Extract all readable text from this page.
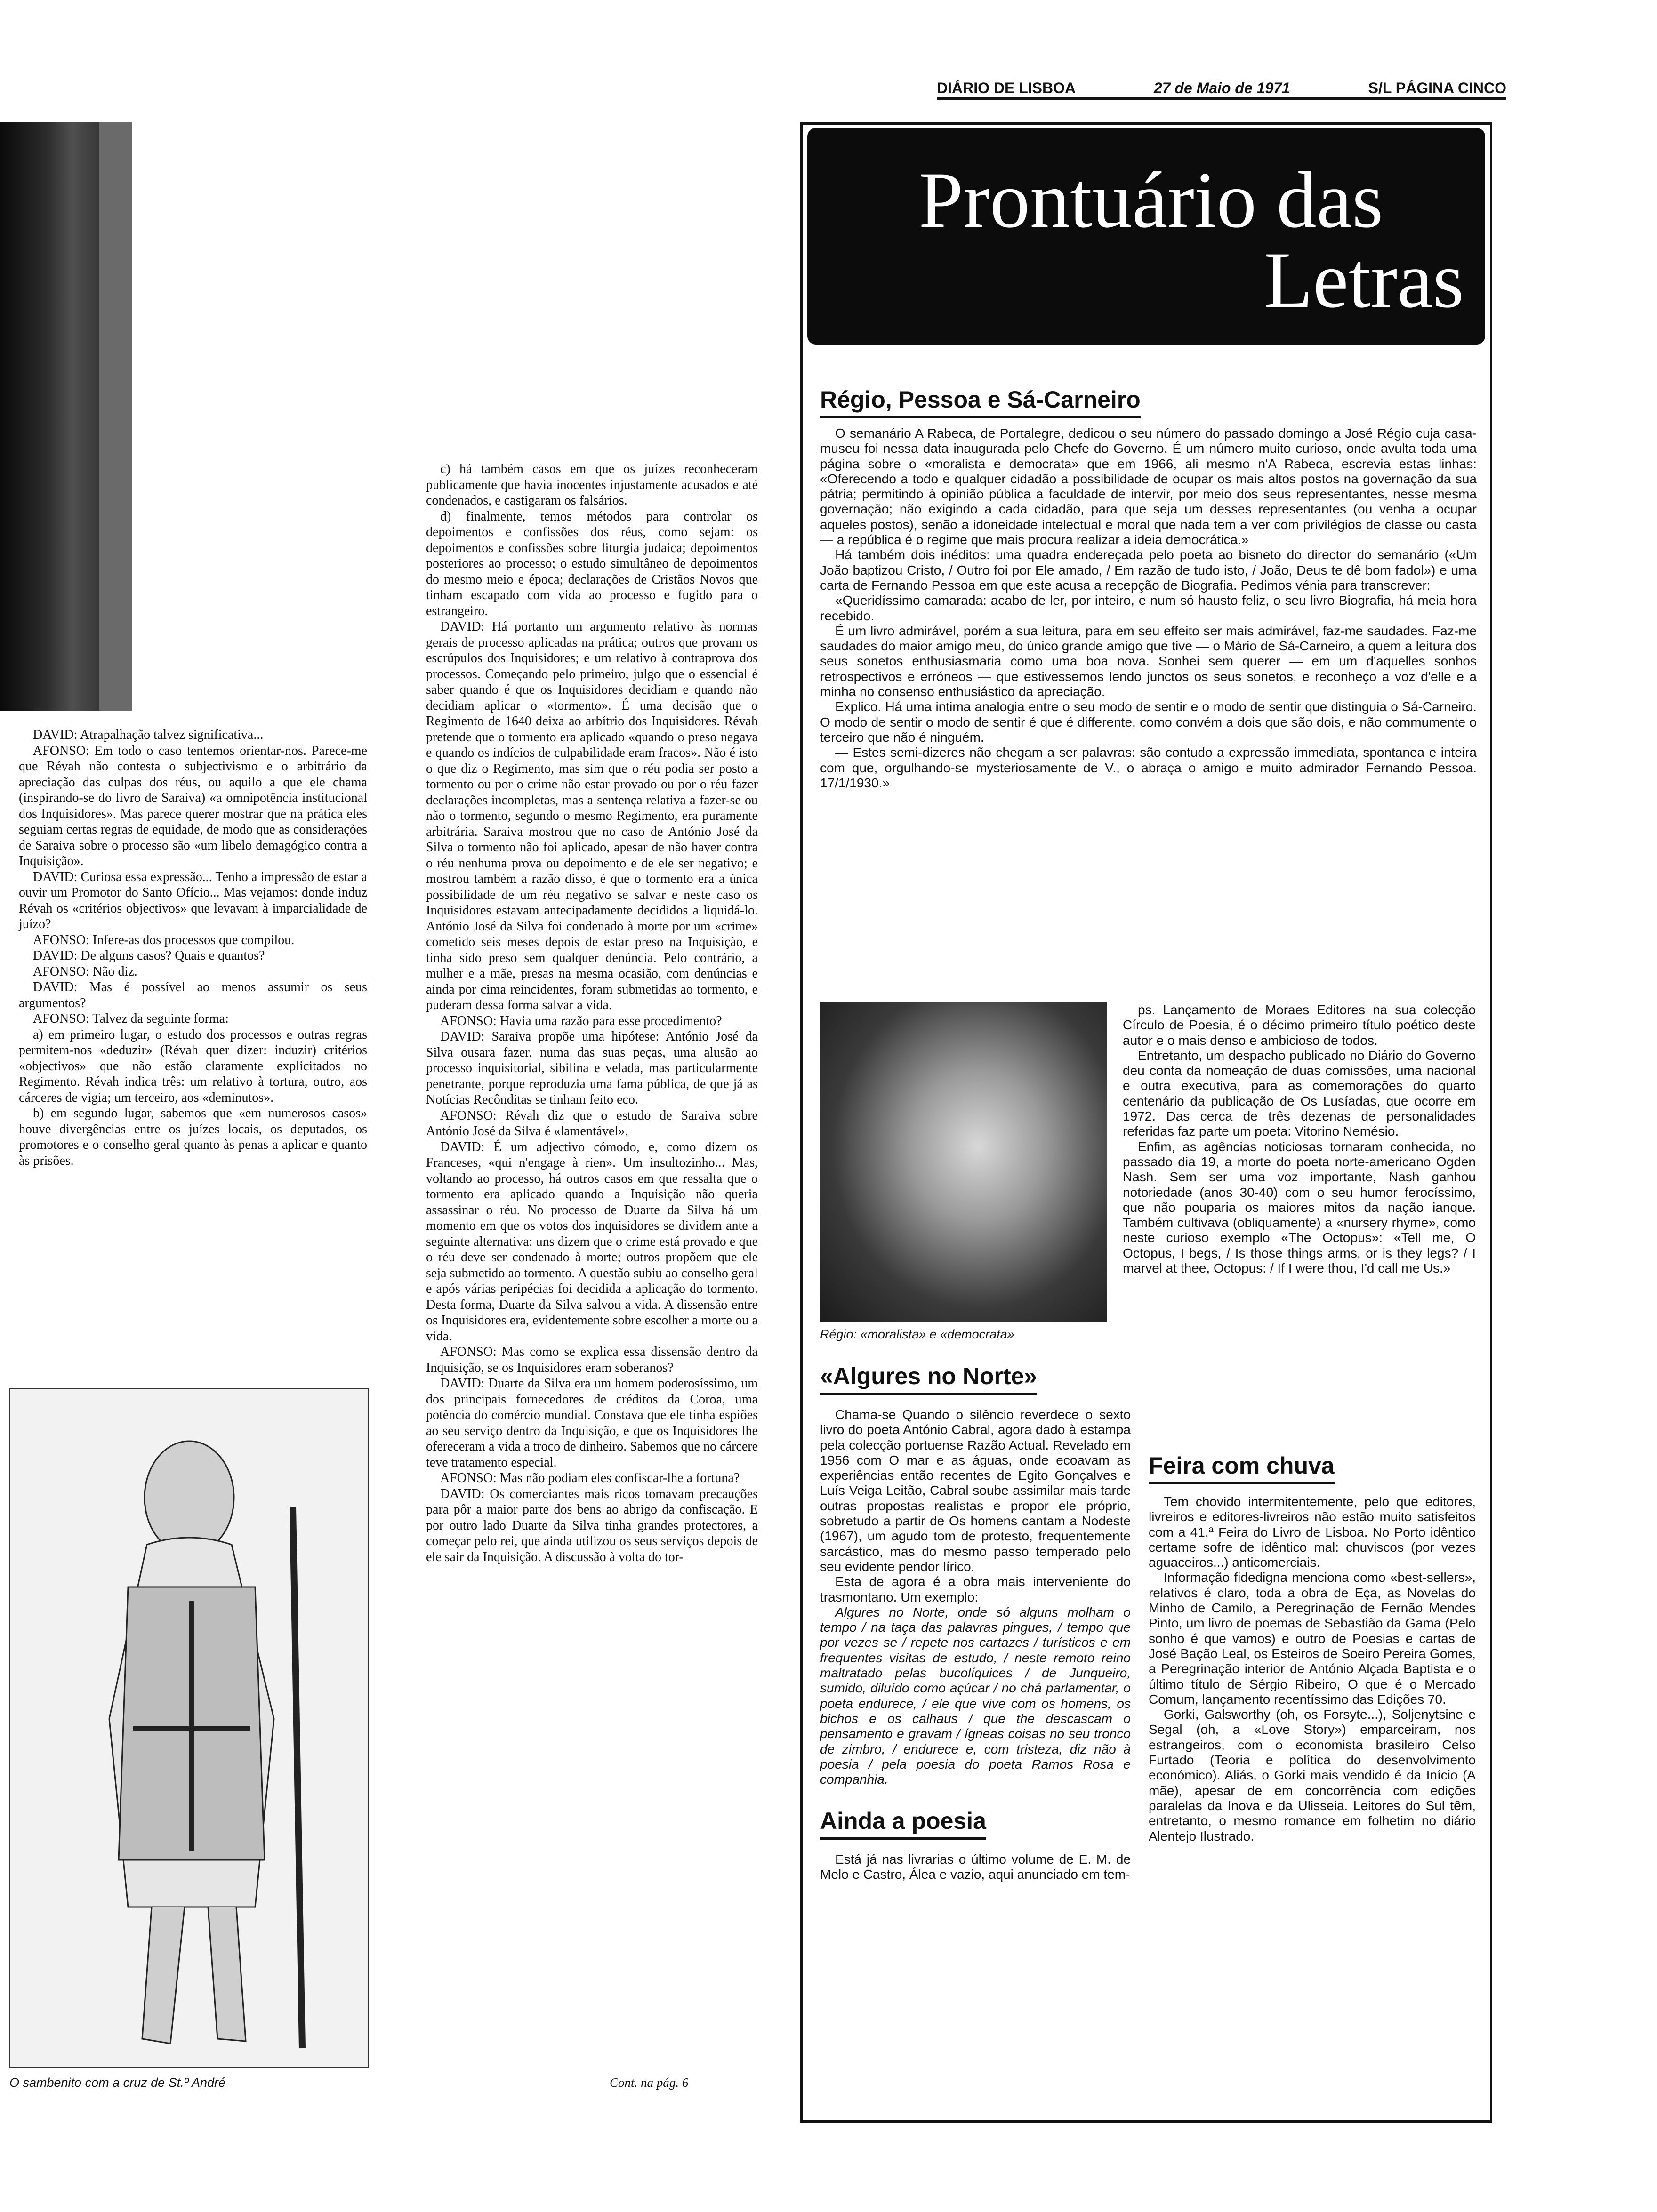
DIÁRIO DE LISBOA	27 de Maio de 1971	S/L PÁGINA CINCO

DAVID: Atrapalhação talvez significativa...

AFONSO: Em todo o caso tentemos orientar-nos. Parece-me que Révah não contesta o subjectivismo e o arbitrário da apreciação das culpas dos réus, ou aquilo a que ele chama (inspirando-se do livro de Saraiva) «a omnipotência institucional dos Inquisidores». Mas parece querer mostrar que na prática eles seguiam certas regras de equidade, de modo que as considerações de Saraiva sobre o processo são «um libelo demagógico contra a Inquisição».

DAVID: Curiosa essa expressão... Tenho a impressão de estar a ouvir um Promotor do Santo Ofício... Mas vejamos: donde induz Révah os «critérios objectivos» que levavam à imparcialidade de juízo?

AFONSO: Infere-as dos processos que compilou.

DAVID: De alguns casos? Quais e quantos?

AFONSO: Não diz.

DAVID: Mas é possível ao menos assumir os seus argumentos?

AFONSO: Talvez da seguinte forma:

a) em primeiro lugar, o estudo dos processos e outras regras permitem-nos «deduzir» (Révah quer dizer: induzir) critérios «objectivos» que não estão claramente explicitados no Regimento. Révah indica três: um relativo à tortura, outro, aos cárceres de vigia; um terceiro, aos «deminutos».

b) em segundo lugar, sabemos que «em numerosos casos» houve divergências entre os juízes locais, os deputados, os promotores e o conselho geral quanto às penas a aplicar e quanto às prisões.

O sambenito com a cruz de St.º André

c) há também casos em que os juízes reconheceram publicamente que havia inocentes injustamente acusados e até condenados, e castigaram os falsários.

d) finalmente, temos métodos para controlar os depoimentos e confissões dos réus, como sejam: os depoimentos e confissões sobre liturgia judaica; depoimentos posteriores ao processo; o estudo simultâneo de depoimentos do mesmo meio e época; declarações de Cristãos Novos que tinham escapado com vida ao processo e fugido para o estrangeiro.

DAVID: Há portanto um argumento relativo às normas gerais de processo aplicadas na prática; outros que provam os escrúpulos dos Inquisidores; e um relativo à contraprova dos processos. Começando pelo primeiro, julgo que o essencial é saber quando é que os Inquisidores decidiam e quando não decidiam aplicar o «tormento». É uma decisão que o Regimento de 1640 deixa ao arbítrio dos Inquisidores. Révah pretende que o tormento era aplicado «quando o preso negava e quando os indícios de culpabilidade eram fracos». Não é isto o que diz o Regimento, mas sim que o réu podia ser posto a tormento ou por o crime não estar provado ou por o réu fazer declarações incompletas, mas a sentença relativa a fazer-se ou não o tormento, segundo o mesmo Regimento, era puramente arbitrária. Saraiva mostrou que no caso de António José da Silva o tormento não foi aplicado, apesar de não haver contra o réu nenhuma prova ou depoimento e de ele ser negativo; e mostrou também a razão disso, é que o tormento era a única possibilidade de um réu negativo se salvar e neste caso os Inquisidores estavam antecipadamente decididos a liquidá-lo. António José da Silva foi condenado à morte por um «crime» cometido seis meses depois de estar preso na Inquisição, e tinha sido preso sem qualquer denúncia. Pelo contrário, a mulher e a mãe, presas na mesma ocasião, com denúncias e ainda por cima reincidentes, foram submetidas ao tormento, e puderam dessa forma salvar a vida.

AFONSO: Havia uma razão para esse procedimento?

DAVID: Saraiva propõe uma hipótese: António José da Silva ousara fazer, numa das suas peças, uma alusão ao processo inquisitorial, sibilina e velada, mas particularmente penetrante, porque reproduzia uma fama pública, de que já as Notícias Recônditas se tinham feito eco.

AFONSO: Révah diz que o estudo de Saraiva sobre António José da Silva é «lamentável».

DAVID: É um adjectivo cómodo, e, como dizem os Franceses, «qui n'engage à rien». Um insultozinho... Mas, voltando ao processo, há outros casos em que ressalta que o tormento era aplicado quando a Inquisição não queria assassinar o réu. No processo de Duarte da Silva há um momento em que os votos dos inquisidores se dividem ante a seguinte alternativa: uns dizem que o crime está provado e que o réu deve ser condenado à morte; outros propõem que ele seja submetido ao tormento. A questão subiu ao conselho geral e após várias peripécias foi decidida a aplicação do tormento. Desta forma, Duarte da Silva salvou a vida. A dissensão entre os Inquisidores era, evidentemente sobre escolher a morte ou a vida.

AFONSO: Mas como se explica essa dissensão dentro da Inquisição, se os Inquisidores eram soberanos?

DAVID: Duarte da Silva era um homem poderosíssimo, um dos principais fornecedores de créditos da Coroa, uma potência do comércio mundial. Constava que ele tinha espiões ao seu serviço dentro da Inquisição, e que os Inquisidores lhe ofereceram a vida a troco de dinheiro. Sabemos que no cárcere teve tratamento especial.

AFONSO: Mas não podiam eles confiscar-lhe a fortuna?

DAVID: Os comerciantes mais ricos tomavam precauções para pôr a maior parte dos bens ao abrigo da confiscação. E por outro lado Duarte da Silva tinha grandes protectores, a começar pelo rei, que ainda utilizou os seus serviços depois de ele sair da Inquisição. A discussão à volta do tor-

Cont. na pág. 6
Prontuário das
Letras
Régio, Pessoa e Sá-Carneiro

O semanário A Rabeca, de Portalegre, dedicou o seu número do passado domingo a José Régio cuja casa-museu foi nessa data inaugurada pelo Chefe do Governo. É um número muito curioso, onde avulta toda uma página sobre o «moralista e democrata» que em 1966, ali mesmo n'A Rabeca, escrevia estas linhas: «Oferecendo a todo e qualquer cidadão a possibilidade de ocupar os mais altos postos na governação da sua pátria; permitindo à opinião pública a faculdade de intervir, por meio dos seus representantes, nesse mesma governação; não exigindo a cada cidadão, para que seja um desses representantes (ou venha a ocupar aqueles postos), senão a idoneidade intelectual e moral que nada tem a ver com privilégios de classe ou casta — a república é o regime que mais procura realizar a ideia democrática.»

Há também dois inéditos: uma quadra endereçada pelo poeta ao bisneto do director do semanário («Um João baptizou Cristo, / Outro foi por Ele amado, / Em razão de tudo isto, / João, Deus te dê bom fadol») e uma carta de Fernando Pessoa em que este acusa a recepção de Biografia. Pedimos vénia para transcrever:

«Queridíssimo camarada: acabo de ler, por inteiro, e num só hausto feliz, o seu livro Biografia, há meia hora recebido.

É um livro admirável, porém a sua leitura, para em seu effeito ser mais admirável, faz-me saudades. Faz-me saudades do maior amigo meu, do único grande amigo que tive — o Mário de Sá-Carneiro, a quem a leitura dos seus sonetos enthusiasmaria como uma boa nova. Sonhei sem querer — em um d'aquelles sonhos retrospectivos e erróneos — que estivessemos lendo junctos os seus sonetos, e reconheço a voz d'elle e a minha no consenso enthusiástico da apreciação.

Explico. Há uma intima analogia entre o seu modo de sentir e o modo de sentir que distinguia o Sá-Carneiro. O modo de sentir o modo de sentir é que é differente, como convém a dois que são dois, e não commumente o terceiro que não é ninguém.

— Estes semi-dizeres não chegam a ser palavras: são contudo a expressão immediata, spontanea e inteira com que, orgulhando-se mysteriosamente de V., o abraça o amigo e muito admirador Fernando Pessoa. 17/1/1930.»

Régio: «moralista» e «democrata»

ps. Lançamento de Moraes Editores na sua colecção Círculo de Poesia, é o décimo primeiro título poético deste autor e o mais denso e ambicioso de todos.

Entretanto, um despacho publicado no Diário do Governo deu conta da nomeação de duas comissões, uma nacional e outra executiva, para as comemorações do quarto centenário da publicação de Os Lusíadas, que ocorre em 1972. Das cerca de três dezenas de personalidades referidas faz parte um poeta: Vitorino Nemésio.

Enfim, as agências noticiosas tornaram conhecida, no passado dia 19, a morte do poeta norte-americano Ogden Nash. Sem ser uma voz importante, Nash ganhou notoriedade (anos 30-40) com o seu humor ferocíssimo, que não pouparia os maiores mitos da nação ianque. Também cultivava (obliquamente) a «nursery rhyme», como neste curioso exemplo «The Octopus»: «Tell me, O Octopus, I begs, / Is those things arms, or is they legs? / I marvel at thee, Octopus: / If I were thou, I'd call me Us.»

«Algures no Norte»

Chama-se Quando o silêncio reverdece o sexto livro do poeta António Cabral, agora dado à estampa pela colecção portuense Razão Actual. Revelado em 1956 com O mar e as águas, onde ecoavam as experiências então recentes de Egito Gonçalves e Luís Veiga Leitão, Cabral soube assimilar mais tarde outras propostas realistas e propor ele próprio, sobretudo a partir de Os homens cantam a Nodeste (1967), um agudo tom de protesto, frequentemente sarcástico, mas do mesmo passo temperado pelo seu evidente pendor lírico.

Esta de agora é a obra mais interveniente do trasmontano. Um exemplo:

Algures no Norte, onde só alguns molham o tempo / na taça das palavras pingues, / tempo que por vezes se / repete nos cartazes / turísticos e em frequentes visitas de estudo, / neste remoto reino maltratado pelas bucolíquices / de Junqueiro, sumido, diluído como açúcar / no chá parlamentar, o poeta endurece, / ele que vive com os homens, os bichos e os calhaus / que the descascam o pensamento e gravam / ígneas coisas no seu tronco de zimbro, / endurece e, com tristeza, diz não à poesia / pela poesia do poeta Ramos Rosa e companhia.

Ainda a poesia

Está já nas livrarias o último volume de E. M. de Melo e Castro, Álea e vazio, aqui anunciado em tem-

Feira com chuva

Tem chovido intermitentemente, pelo que editores, livreiros e editores-livreiros não estão muito satisfeitos com a 41.ª Feira do Livro de Lisboa. No Porto idêntico certame sofre de idêntico mal: chuviscos (por vezes aguaceiros...) anticomerciais.

Informação fidedigna menciona como «best-sellers», relativos é claro, toda a obra de Eça, as Novelas do Minho de Camilo, a Peregrinação de Fernão Mendes Pinto, um livro de poemas de Sebastião da Gama (Pelo sonho é que vamos) e outro de Poesias e cartas de José Bação Leal, os Esteiros de Soeiro Pereira Gomes, a Peregrinação interior de António Alçada Baptista e o último título de Sérgio Ribeiro, O que é o Mercado Comum, lançamento recentíssimo das Edições 70.

Gorki, Galsworthy (oh, os Forsyte...), Soljenytsine e Segal (oh, a «Love Story») emparceiram, nos estrangeiros, com o economista brasileiro Celso Furtado (Teoria e política do desenvolvimento económico). Aliás, o Gorki mais vendido é da Início (A mãe), apesar de em concorrência com edições paralelas da Inova e da Ulisseia. Leitores do Sul têm, entretanto, o mesmo romance em folhetim no diário Alentejo Ilustrado.
